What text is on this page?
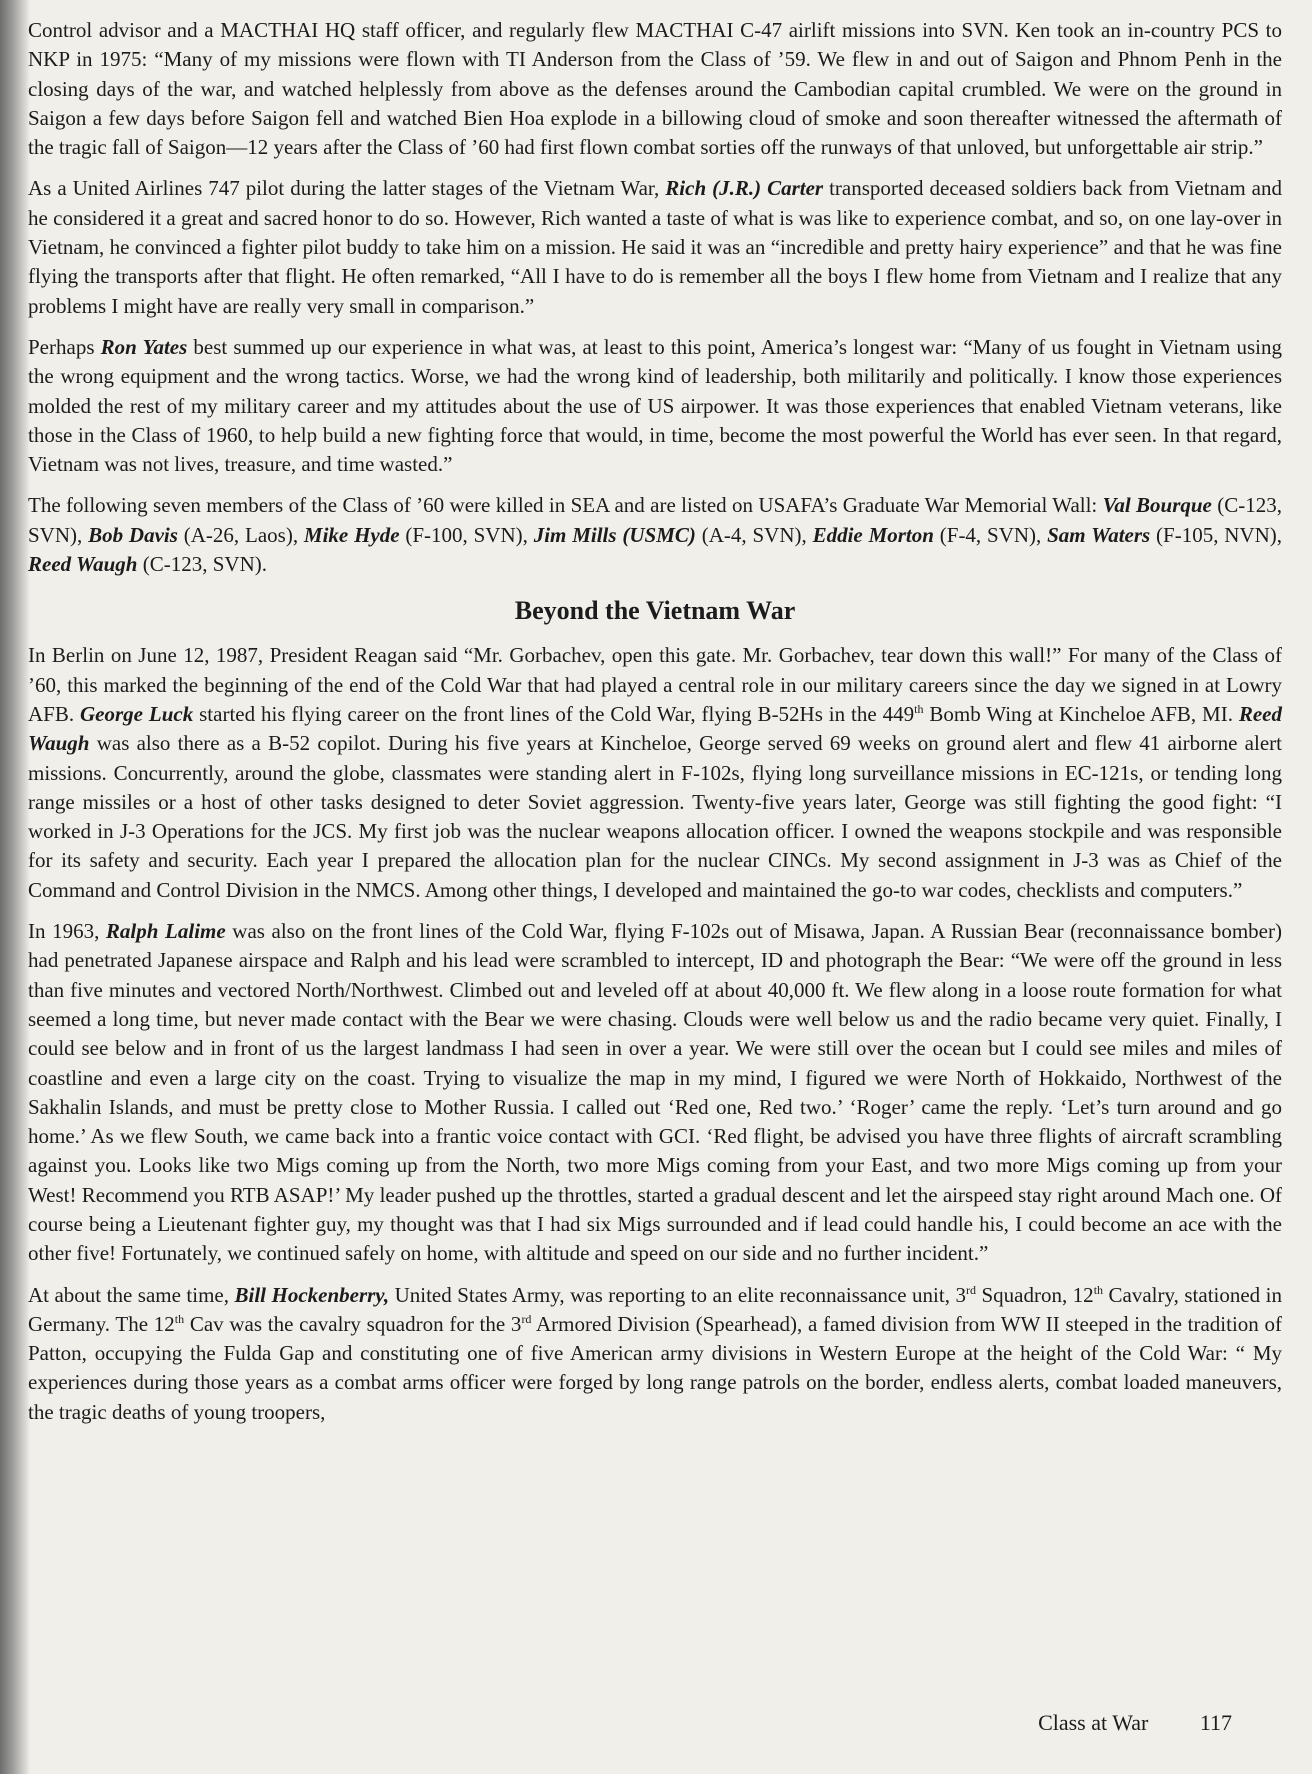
Control advisor and a MACTHAI HQ staff officer, and regularly flew MACTHAI C-47 airlift missions into SVN. Ken took an in-country PCS to NKP in 1975: “Many of my missions were flown with TI Anderson from the Class of ’59. We flew in and out of Saigon and Phnom Penh in the closing days of the war, and watched helplessly from above as the defenses around the Cambodian capital crumbled. We were on the ground in Saigon a few days before Saigon fell and watched Bien Hoa explode in a billowing cloud of smoke and soon thereafter witnessed the aftermath of the tragic fall of Saigon—12 years after the Class of ’60 had first flown combat sorties off the runways of that unloved, but unforgettable air strip.”

As a United Airlines 747 pilot during the latter stages of the Vietnam War, Rich (J.R.) Carter transported deceased soldiers back from Vietnam and he considered it a great and sacred honor to do so. However, Rich wanted a taste of what is was like to experience combat, and so, on one lay-over in Vietnam, he convinced a fighter pilot buddy to take him on a mission. He said it was an “incredible and pretty hairy experience” and that he was fine flying the transports after that flight. He often remarked, “All I have to do is remember all the boys I flew home from Vietnam and I realize that any problems I might have are really very small in comparison.”

Perhaps Ron Yates best summed up our experience in what was, at least to this point, America’s longest war: “Many of us fought in Vietnam using the wrong equipment and the wrong tactics. Worse, we had the wrong kind of leadership, both militarily and politically. I know those experiences molded the rest of my military career and my attitudes about the use of US airpower. It was those experiences that enabled Vietnam veterans, like those in the Class of 1960, to help build a new fighting force that would, in time, become the most powerful the World has ever seen. In that regard, Vietnam was not lives, treasure, and time wasted.”

The following seven members of the Class of ’60 were killed in SEA and are listed on USAFA’s Graduate War Memorial Wall: Val Bourque (C-123, SVN), Bob Davis (A-26, Laos), Mike Hyde (F-100, SVN), Jim Mills (USMC) (A-4, SVN), Eddie Morton (F-4, SVN), Sam Waters (F-105, NVN), Reed Waugh (C-123, SVN).

Beyond the Vietnam War

In Berlin on June 12, 1987, President Reagan said “Mr. Gorbachev, open this gate. Mr. Gorbachev, tear down this wall!” For many of the Class of ’60, this marked the beginning of the end of the Cold War that had played a central role in our military careers since the day we signed in at Lowry AFB. George Luck started his flying career on the front lines of the Cold War, flying B-52Hs in the 449th Bomb Wing at Kincheloe AFB, MI. Reed Waugh was also there as a B-52 copilot. During his five years at Kincheloe, George served 69 weeks on ground alert and flew 41 airborne alert missions. Concurrently, around the globe, classmates were standing alert in F-102s, flying long surveillance missions in EC-121s, or tending long range missiles or a host of other tasks designed to deter Soviet aggression. Twenty-five years later, George was still fighting the good fight: “I worked in J-3 Operations for the JCS. My first job was the nuclear weapons allocation officer. I owned the weapons stockpile and was responsible for its safety and security. Each year I prepared the allocation plan for the nuclear CINCs. My second assignment in J-3 was as Chief of the Command and Control Division in the NMCS. Among other things, I developed and maintained the go-to war codes, checklists and computers.”

In 1963, Ralph Lalime was also on the front lines of the Cold War, flying F-102s out of Misawa, Japan. A Russian Bear (reconnaissance bomber) had penetrated Japanese airspace and Ralph and his lead were scrambled to intercept, ID and photograph the Bear: “We were off the ground in less than five minutes and vectored North/Northwest. Climbed out and leveled off at about 40,000 ft. We flew along in a loose route formation for what seemed a long time, but never made contact with the Bear we were chasing. Clouds were well below us and the radio became very quiet. Finally, I could see below and in front of us the largest landmass I had seen in over a year. We were still over the ocean but I could see miles and miles of coastline and even a large city on the coast. Trying to visualize the map in my mind, I figured we were North of Hokkaido, Northwest of the Sakhalin Islands, and must be pretty close to Mother Russia. I called out ‘Red one, Red two.’ ‘Roger’ came the reply. ‘Let’s turn around and go home.’ As we flew South, we came back into a frantic voice contact with GCI. ‘Red flight, be advised you have three flights of aircraft scrambling against you. Looks like two Migs coming up from the North, two more Migs coming from your East, and two more Migs coming up from your West! Recommend you RTB ASAP!’ My leader pushed up the throttles, started a gradual descent and let the airspeed stay right around Mach one. Of course being a Lieutenant fighter guy, my thought was that I had six Migs surrounded and if lead could handle his, I could become an ace with the other five! Fortunately, we continued safely on home, with altitude and speed on our side and no further incident.”

At about the same time, Bill Hockenberry, United States Army, was reporting to an elite reconnaissance unit, 3rd Squadron, 12th Cavalry, stationed in Germany. The 12th Cav was the cavalry squadron for the 3rd Armored Division (Spearhead), a famed division from WW II steeped in the tradition of Patton, occupying the Fulda Gap and constituting one of five American army divisions in Western Europe at the height of the Cold War: “ My experiences during those years as a combat arms officer were forged by long range patrols on the border, endless alerts, combat loaded maneuvers, the tragic deaths of young troopers,

Class at War 117
